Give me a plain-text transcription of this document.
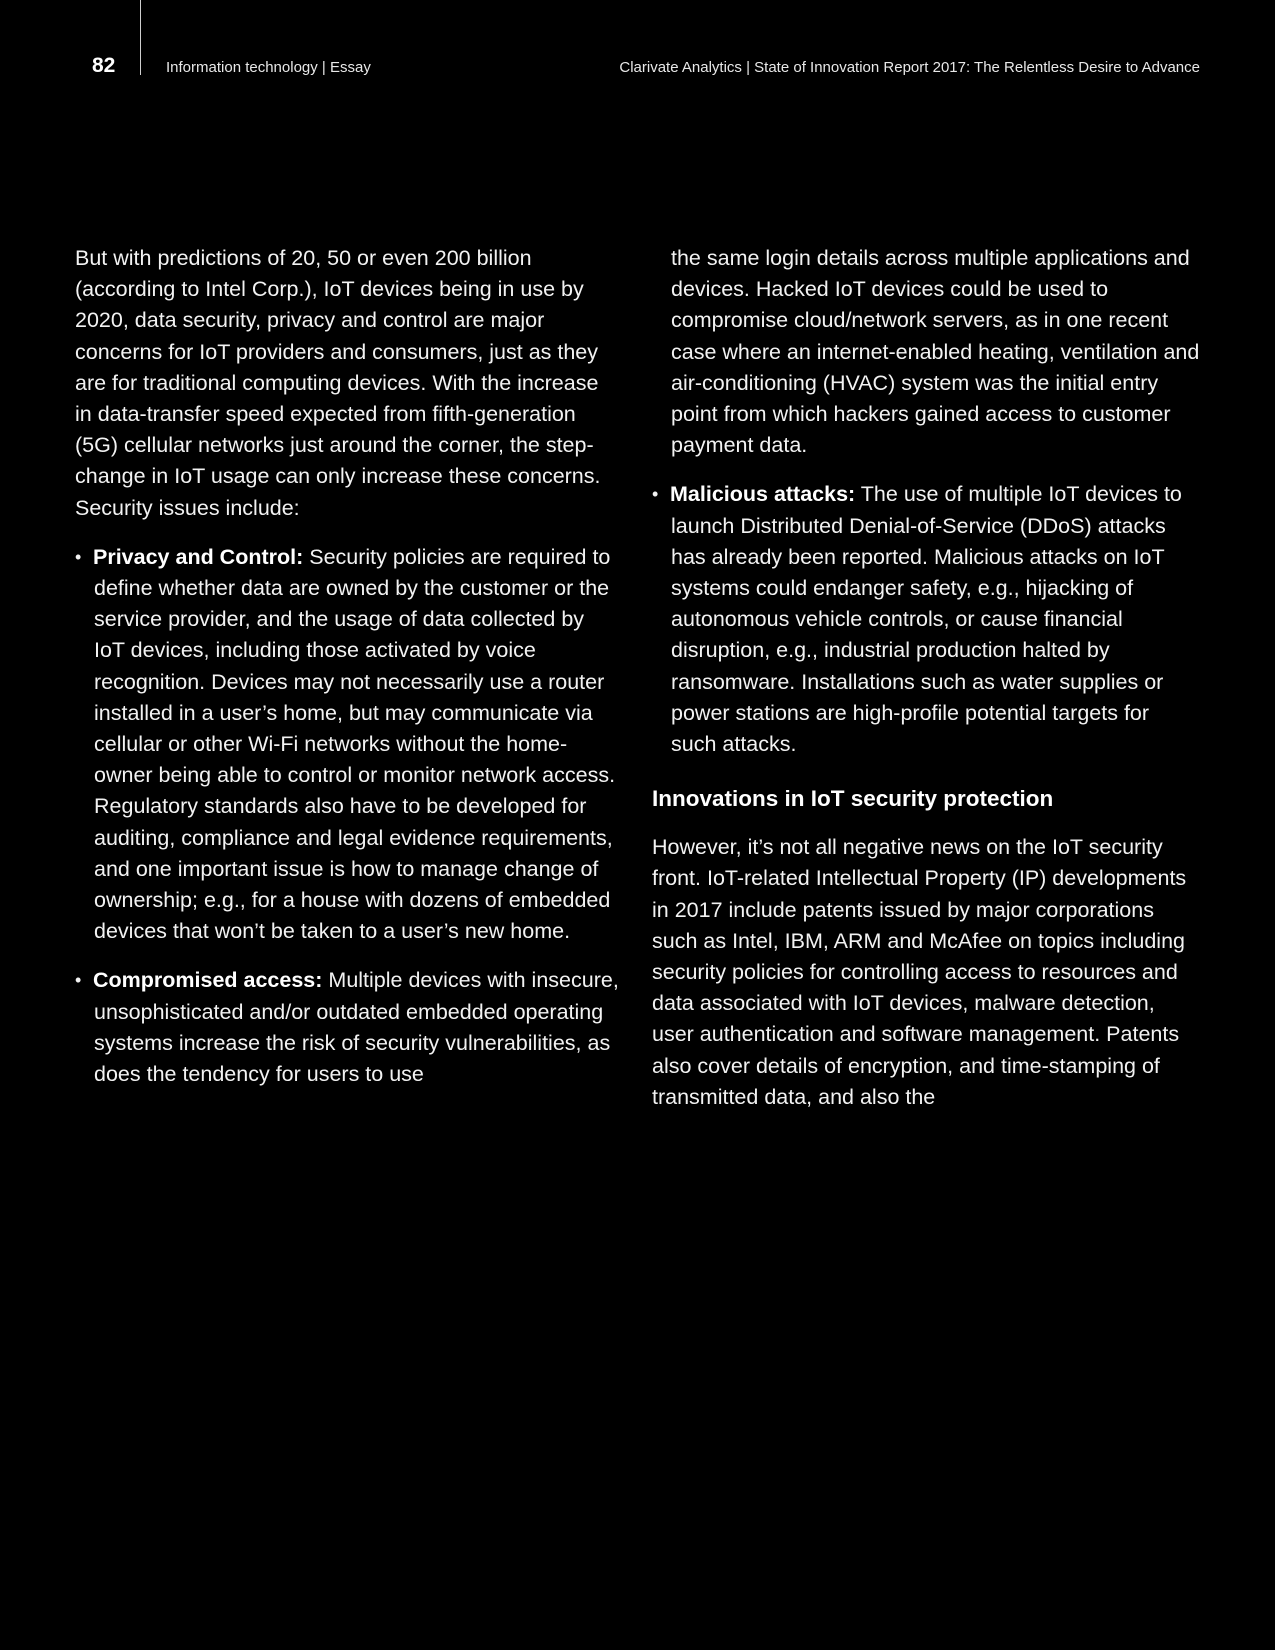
82	Information technology | Essay	Clarivate Analytics | State of Innovation Report 2017: The Relentless Desire to Advance

But with predictions of 20, 50 or even 200 billion (according to Intel Corp.), IoT devices being in use by 2020, data security, privacy and control are major concerns for IoT providers and consumers, just as they are for traditional computing devices. With the increase in data-transfer speed expected from fifth-generation (5G) cellular networks just around the corner, the step-change in IoT usage can only increase these concerns. Security issues include:

• Privacy and Control: Security policies are required to define whether data are owned by the customer or the service provider, and the usage of data collected by IoT devices, including those activated by voice recognition. Devices may not necessarily use a router installed in a user’s home, but may communicate via cellular or other Wi-Fi networks without the home-owner being able to control or monitor network access. Regulatory standards also have to be developed for auditing, compliance and legal evidence requirements, and one important issue is how to manage change of ownership; e.g., for a house with dozens of embedded devices that won’t be taken to a user’s new home.
• Compromised access: Multiple devices with insecure, unsophisticated and/or outdated embedded operating systems increase the risk of security vulnerabilities, as does the tendency for users to use
the same login details across multiple applications and devices. Hacked IoT devices could be used to compromise cloud/network servers, as in one recent case where an internet-enabled heating, ventilation and air-conditioning (HVAC) system was the initial entry point from which hackers gained access to customer payment data.
• Malicious attacks: The use of multiple IoT devices to launch Distributed Denial-of-Service (DDoS) attacks has already been reported. Malicious attacks on IoT systems could endanger safety, e.g., hijacking of autonomous vehicle controls, or cause financial disruption, e.g., industrial production halted by ransomware. Installations such as water supplies or power stations are high-profile potential targets for such attacks.
Innovations in IoT security protection

However, it’s not all negative news on the IoT security front. IoT-related Intellectual Property (IP) developments in 2017 include patents issued by major corporations such as Intel, IBM, ARM and McAfee on topics including security policies for controlling access to resources and data associated with IoT devices, malware detection, user authentication and software management. Patents also cover details of encryption, and time-stamping of transmitted data, and also the
